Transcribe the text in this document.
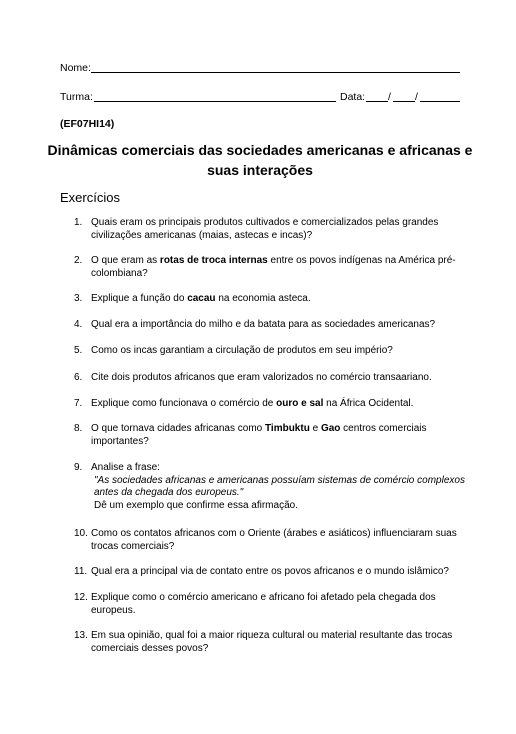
Nome:
Turma:	Data: / /
(EF07HI14)
Dinâmicas comerciais das sociedades americanas e africanas e suas interações
Exercícios
1. Quais eram os principais produtos cultivados e comercializados pelas grandes civilizações americanas (maias, astecas e incas)?
2. O que eram as rotas de troca internas entre os povos indígenas na América pré-colombiana?
3. Explique a função do cacau na economia asteca.
4. Qual era a importância do milho e da batata para as sociedades americanas?
5. Como os incas garantiam a circulação de produtos em seu império?
6. Cite dois produtos africanos que eram valorizados no comércio transaariano.
7. Explique como funcionava o comércio de ouro e sal na África Ocidental.
8. O que tornava cidades africanas como Timbuktu e Gao centros comerciais importantes?
9. Analise a frase:
"As sociedades africanas e americanas possuíam sistemas de comércio complexos antes da chegada dos europeus."
Dê um exemplo que confirme essa afirmação.
10. Como os contatos africanos com o Oriente (árabes e asiáticos) influenciaram suas trocas comerciais?
11. Qual era a principal via de contato entre os povos africanos e o mundo islâmico?
12. Explique como o comércio americano e africano foi afetado pela chegada dos europeus.
13. Em sua opinião, qual foi a maior riqueza cultural ou material resultante das trocas comerciais desses povos?
